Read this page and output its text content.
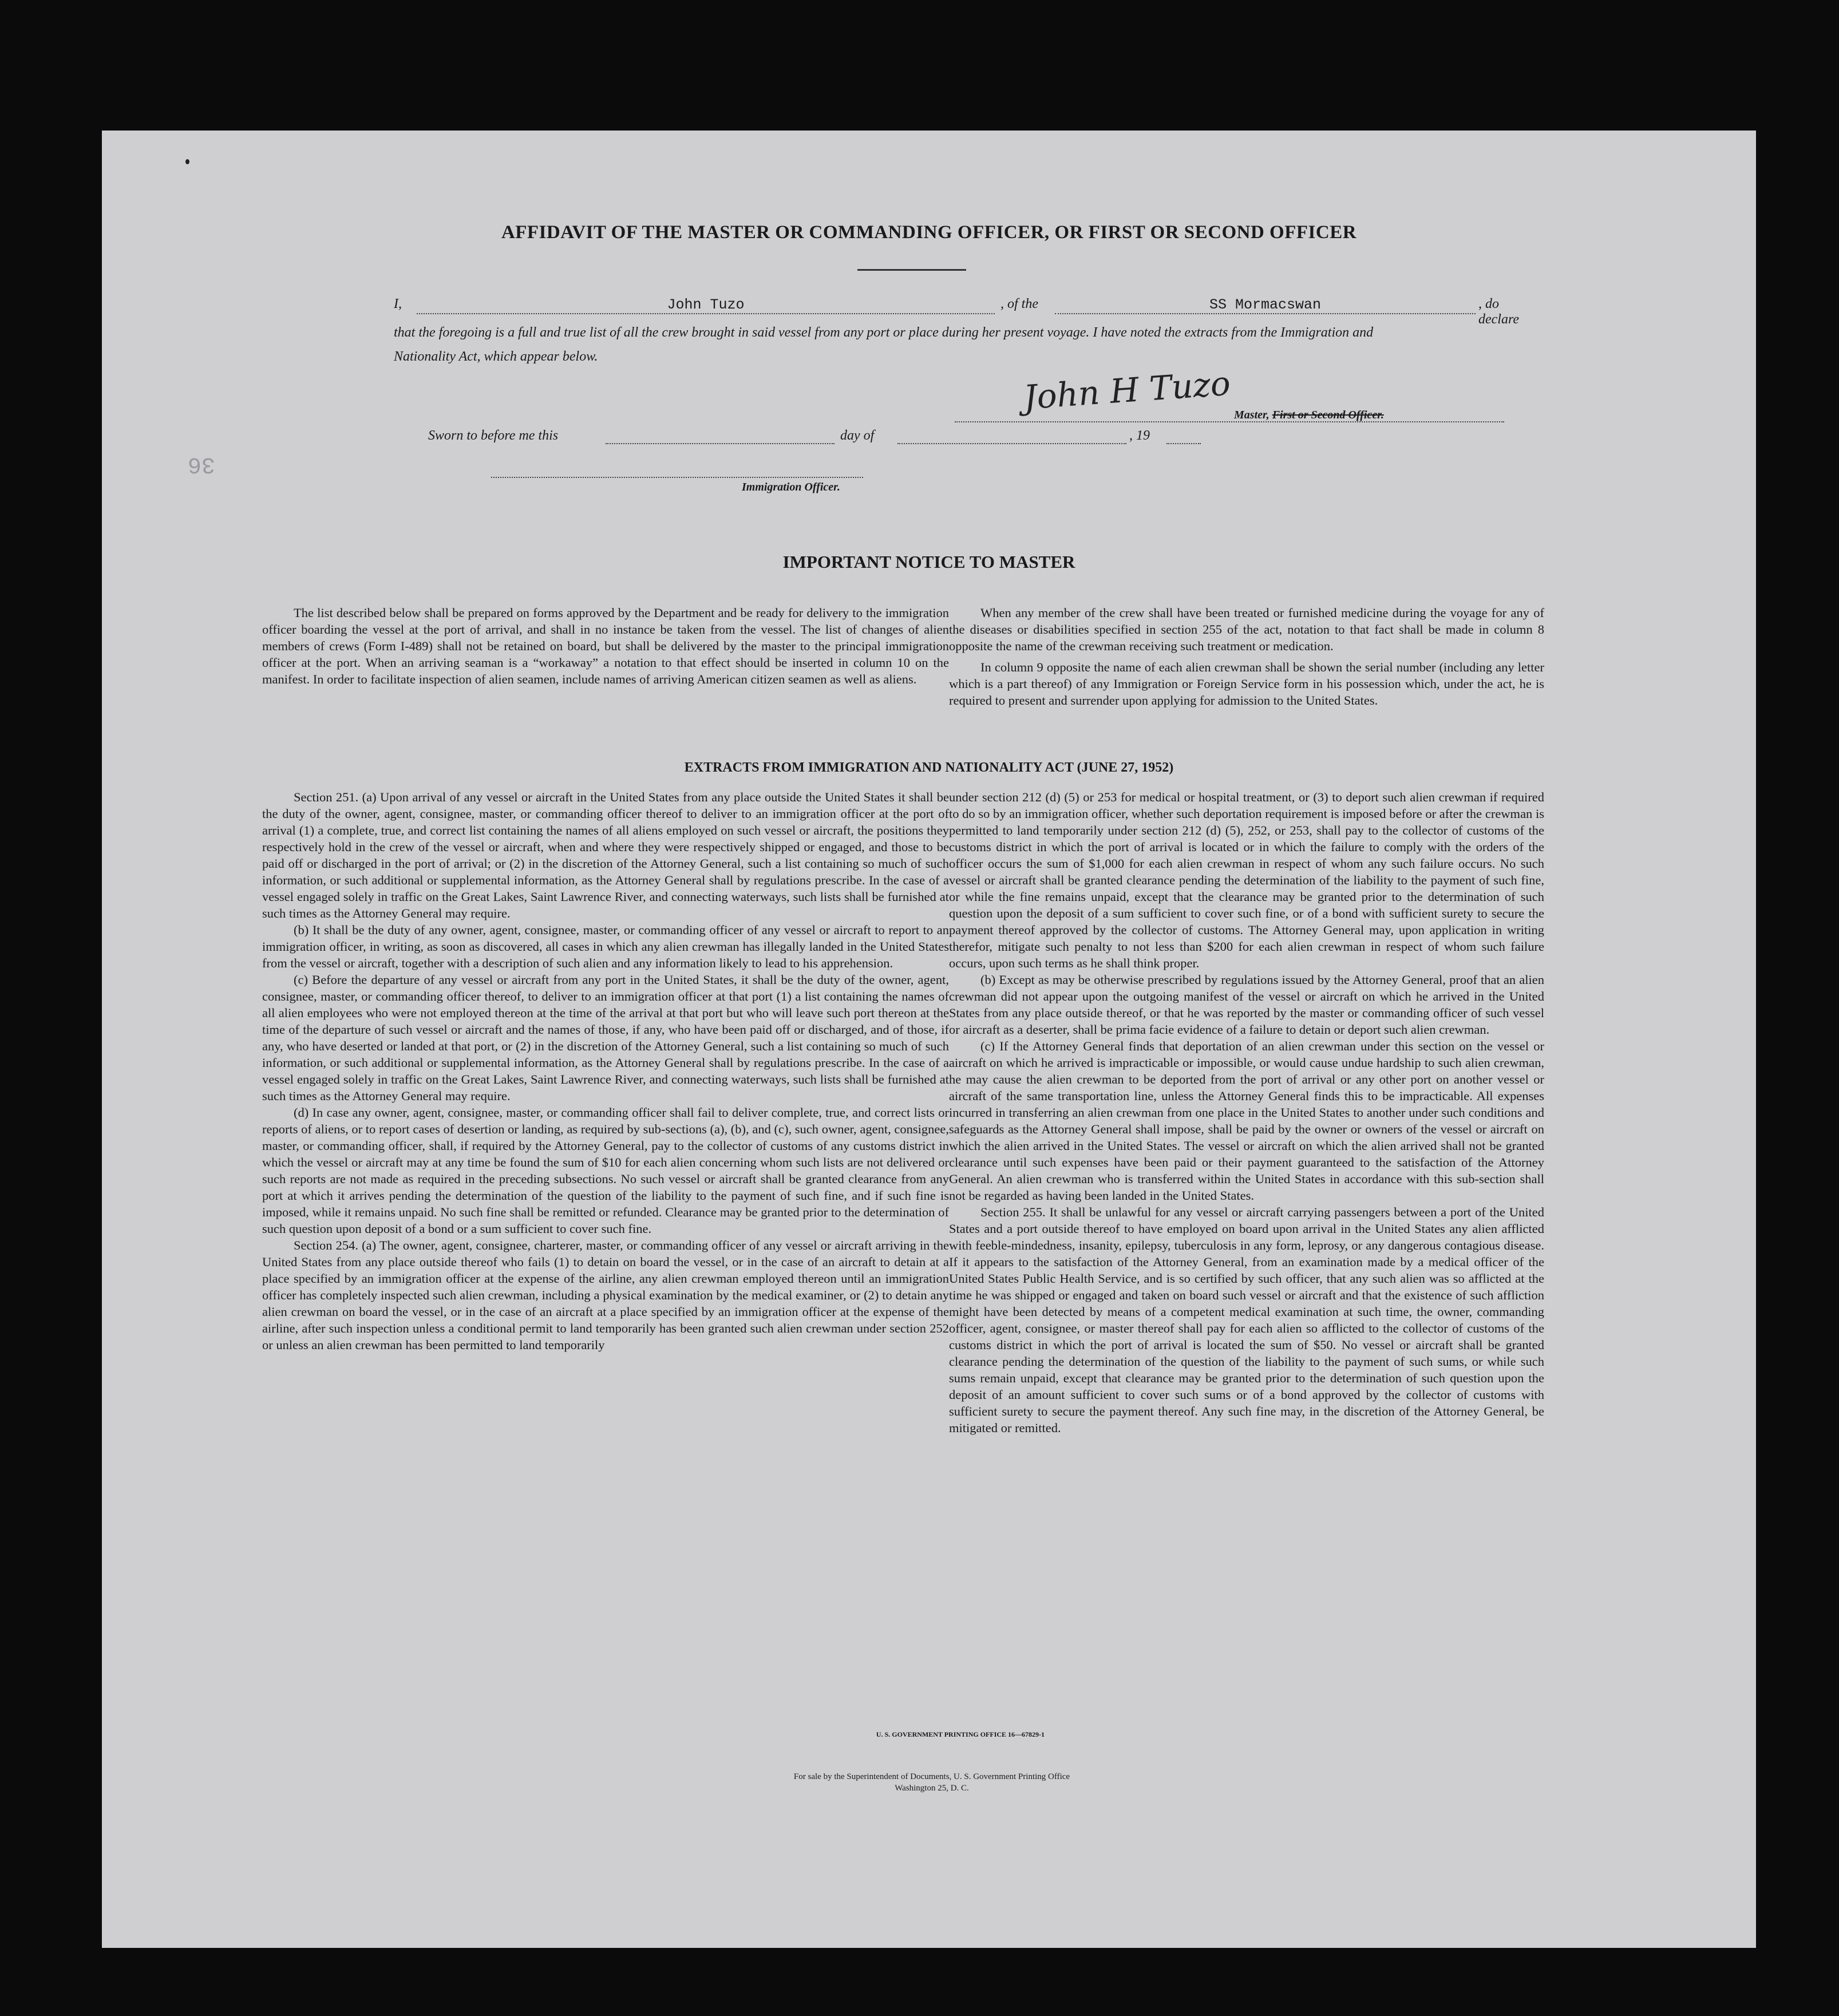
36
AFFIDAVIT OF THE MASTER OR COMMANDING OFFICER, OR FIRST OR SECOND OFFICER
I,	John Tuzo	, of the	SS Mormacswan	, do declare
that the foregoing is a full and true list of all the crew brought in said vessel from any port or place during her present voyage. I have noted the extracts from the Immigration and Nationality Act, which appear below.
John H Tuzo Master, First or Second Officer.
Sworn to before me this	day of	, 19
Immigration Officer.
IMPORTANT NOTICE TO MASTER

The list described below shall be prepared on forms approved by the Department and be ready for delivery to the immigration officer boarding the vessel at the port of arrival, and shall in no instance be taken from the vessel. The list of changes of alien members of crews (Form I-489) shall not be retained on board, but shall be delivered by the master to the principal immigration officer at the port. When an arriving seaman is a “workaway” a notation to that effect should be inserted in column 10 on the manifest. In order to facilitate inspection of alien seamen, include names of arriving American citizen seamen as well as aliens.

When any member of the crew shall have been treated or furnished medicine during the voyage for any of the diseases or disabilities specified in section 255 of the act, notation to that fact shall be made in column 8 opposite the name of the crewman receiving such treatment or medication.

In column 9 opposite the name of each alien crewman shall be shown the serial number (including any letter which is a part thereof) of any Immigration or Foreign Service form in his possession which, under the act, he is required to present and surrender upon applying for admission to the United States.

EXTRACTS FROM IMMIGRATION AND NATIONALITY ACT (JUNE 27, 1952)

Section 251. (a) Upon arrival of any vessel or aircraft in the United States from any place outside the United States it shall be the duty of the owner, agent, consignee, master, or commanding officer thereof to deliver to an immigration officer at the port of arrival (1) a complete, true, and correct list containing the names of all aliens employed on such vessel or aircraft, the positions they respectively hold in the crew of the vessel or aircraft, when and where they were respectively shipped or engaged, and those to be paid off or discharged in the port of arrival; or (2) in the discretion of the Attorney General, such a list containing so much of such information, or such additional or supplemental information, as the Attorney General shall by regulations prescribe. In the case of a vessel engaged solely in traffic on the Great Lakes, Saint Lawrence River, and connecting waterways, such lists shall be furnished at such times as the Attorney General may require.

(b) It shall be the duty of any owner, agent, consignee, master, or commanding officer of any vessel or aircraft to report to an immigration officer, in writing, as soon as discovered, all cases in which any alien crewman has illegally landed in the United States from the vessel or aircraft, together with a description of such alien and any information likely to lead to his apprehension.

(c) Before the departure of any vessel or aircraft from any port in the United States, it shall be the duty of the owner, agent, consignee, master, or commanding officer thereof, to deliver to an immigration officer at that port (1) a list containing the names of all alien employees who were not employed thereon at the time of the arrival at that port but who will leave such port thereon at the time of the departure of such vessel or aircraft and the names of those, if any, who have been paid off or discharged, and of those, if any, who have deserted or landed at that port, or (2) in the discretion of the Attorney General, such a list containing so much of such information, or such additional or supplemental information, as the Attorney General shall by regulations prescribe. In the case of a vessel engaged solely in traffic on the Great Lakes, Saint Lawrence River, and connecting waterways, such lists shall be furnished at such times as the Attorney General may require.

(d) In case any owner, agent, consignee, master, or commanding officer shall fail to deliver complete, true, and correct lists or reports of aliens, or to report cases of desertion or landing, as required by sub-sections (a), (b), and (c), such owner, agent, consignee, master, or commanding officer, shall, if required by the Attorney General, pay to the collector of customs of any customs district in which the vessel or aircraft may at any time be found the sum of $10 for each alien concerning whom such lists are not delivered or such reports are not made as required in the preceding subsections. No such vessel or aircraft shall be granted clearance from any port at which it arrives pending the determination of the question of the liability to the payment of such fine, and if such fine is imposed, while it remains unpaid. No such fine shall be remitted or refunded. Clearance may be granted prior to the determination of such question upon deposit of a bond or a sum sufficient to cover such fine.

Section 254. (a) The owner, agent, consignee, charterer, master, or commanding officer of any vessel or aircraft arriving in the United States from any place outside thereof who fails (1) to detain on board the vessel, or in the case of an aircraft to detain at a place specified by an immigration officer at the expense of the airline, any alien crewman employed thereon until an immigration officer has completely inspected such alien crewman, including a physical examination by the medical examiner, or (2) to detain any alien crewman on board the vessel, or in the case of an aircraft at a place specified by an immigration officer at the expense of the airline, after such inspection unless a conditional permit to land temporarily has been granted such alien crewman under section 252 or unless an alien crewman has been permitted to land temporarily

under section 212 (d) (5) or 253 for medical or hospital treatment, or (3) to deport such alien crewman if required to do so by an immigration officer, whether such deportation requirement is imposed before or after the crewman is permitted to land temporarily under section 212 (d) (5), 252, or 253, shall pay to the collector of customs of the customs district in which the port of arrival is located or in which the failure to comply with the orders of the officer occurs the sum of $1,000 for each alien crewman in respect of whom any such failure occurs. No such vessel or aircraft shall be granted clearance pending the determination of the liability to the payment of such fine, or while the fine remains unpaid, except that the clearance may be granted prior to the determination of such question upon the deposit of a sum sufficient to cover such fine, or of a bond with sufficient surety to secure the payment thereof approved by the collector of customs. The Attorney General may, upon application in writing therefor, mitigate such penalty to not less than $200 for each alien crewman in respect of whom such failure occurs, upon such terms as he shall think proper.

(b) Except as may be otherwise prescribed by regulations issued by the Attorney General, proof that an alien crewman did not appear upon the outgoing manifest of the vessel or aircraft on which he arrived in the United States from any place outside thereof, or that he was reported by the master or commanding officer of such vessel or aircraft as a deserter, shall be prima facie evidence of a failure to detain or deport such alien crewman.

(c) If the Attorney General finds that deportation of an alien crewman under this section on the vessel or aircraft on which he arrived is impracticable or impossible, or would cause undue hardship to such alien crewman, he may cause the alien crewman to be deported from the port of arrival or any other port on another vessel or aircraft of the same transportation line, unless the Attorney General finds this to be impracticable. All expenses incurred in transferring an alien crewman from one place in the United States to another under such conditions and safeguards as the Attorney General shall impose, shall be paid by the owner or owners of the vessel or aircraft on which the alien arrived in the United States. The vessel or aircraft on which the alien arrived shall not be granted clearance until such expenses have been paid or their payment guaranteed to the satisfaction of the Attorney General. An alien crewman who is transferred within the United States in accordance with this sub-section shall not be regarded as having been landed in the United States.

Section 255. It shall be unlawful for any vessel or aircraft carrying passengers between a port of the United States and a port outside thereof to have employed on board upon arrival in the United States any alien afflicted with feeble-mindedness, insanity, epilepsy, tuberculosis in any form, leprosy, or any dangerous contagious disease. If it appears to the satisfaction of the Attorney General, from an examination made by a medical officer of the United States Public Health Service, and is so certified by such officer, that any such alien was so afflicted at the time he was shipped or engaged and taken on board such vessel or aircraft and that the existence of such affliction might have been detected by means of a competent medical examination at such time, the owner, commanding officer, agent, consignee, or master thereof shall pay for each alien so afflicted to the collector of customs of the customs district in which the port of arrival is located the sum of $50. No vessel or aircraft shall be granted clearance pending the determination of the question of the liability to the payment of such sums, or while such sums remain unpaid, except that clearance may be granted prior to the determination of such question upon the deposit of an amount sufficient to cover such sums or of a bond approved by the collector of customs with sufficient surety to secure the payment thereof. Any such fine may, in the discretion of the Attorney General, be mitigated or remitted.

U. S. GOVERNMENT PRINTING OFFICE 16—67829-1
For sale by the Superintendent of Documents, U. S. Government Printing Office
Washington 25, D. C.
